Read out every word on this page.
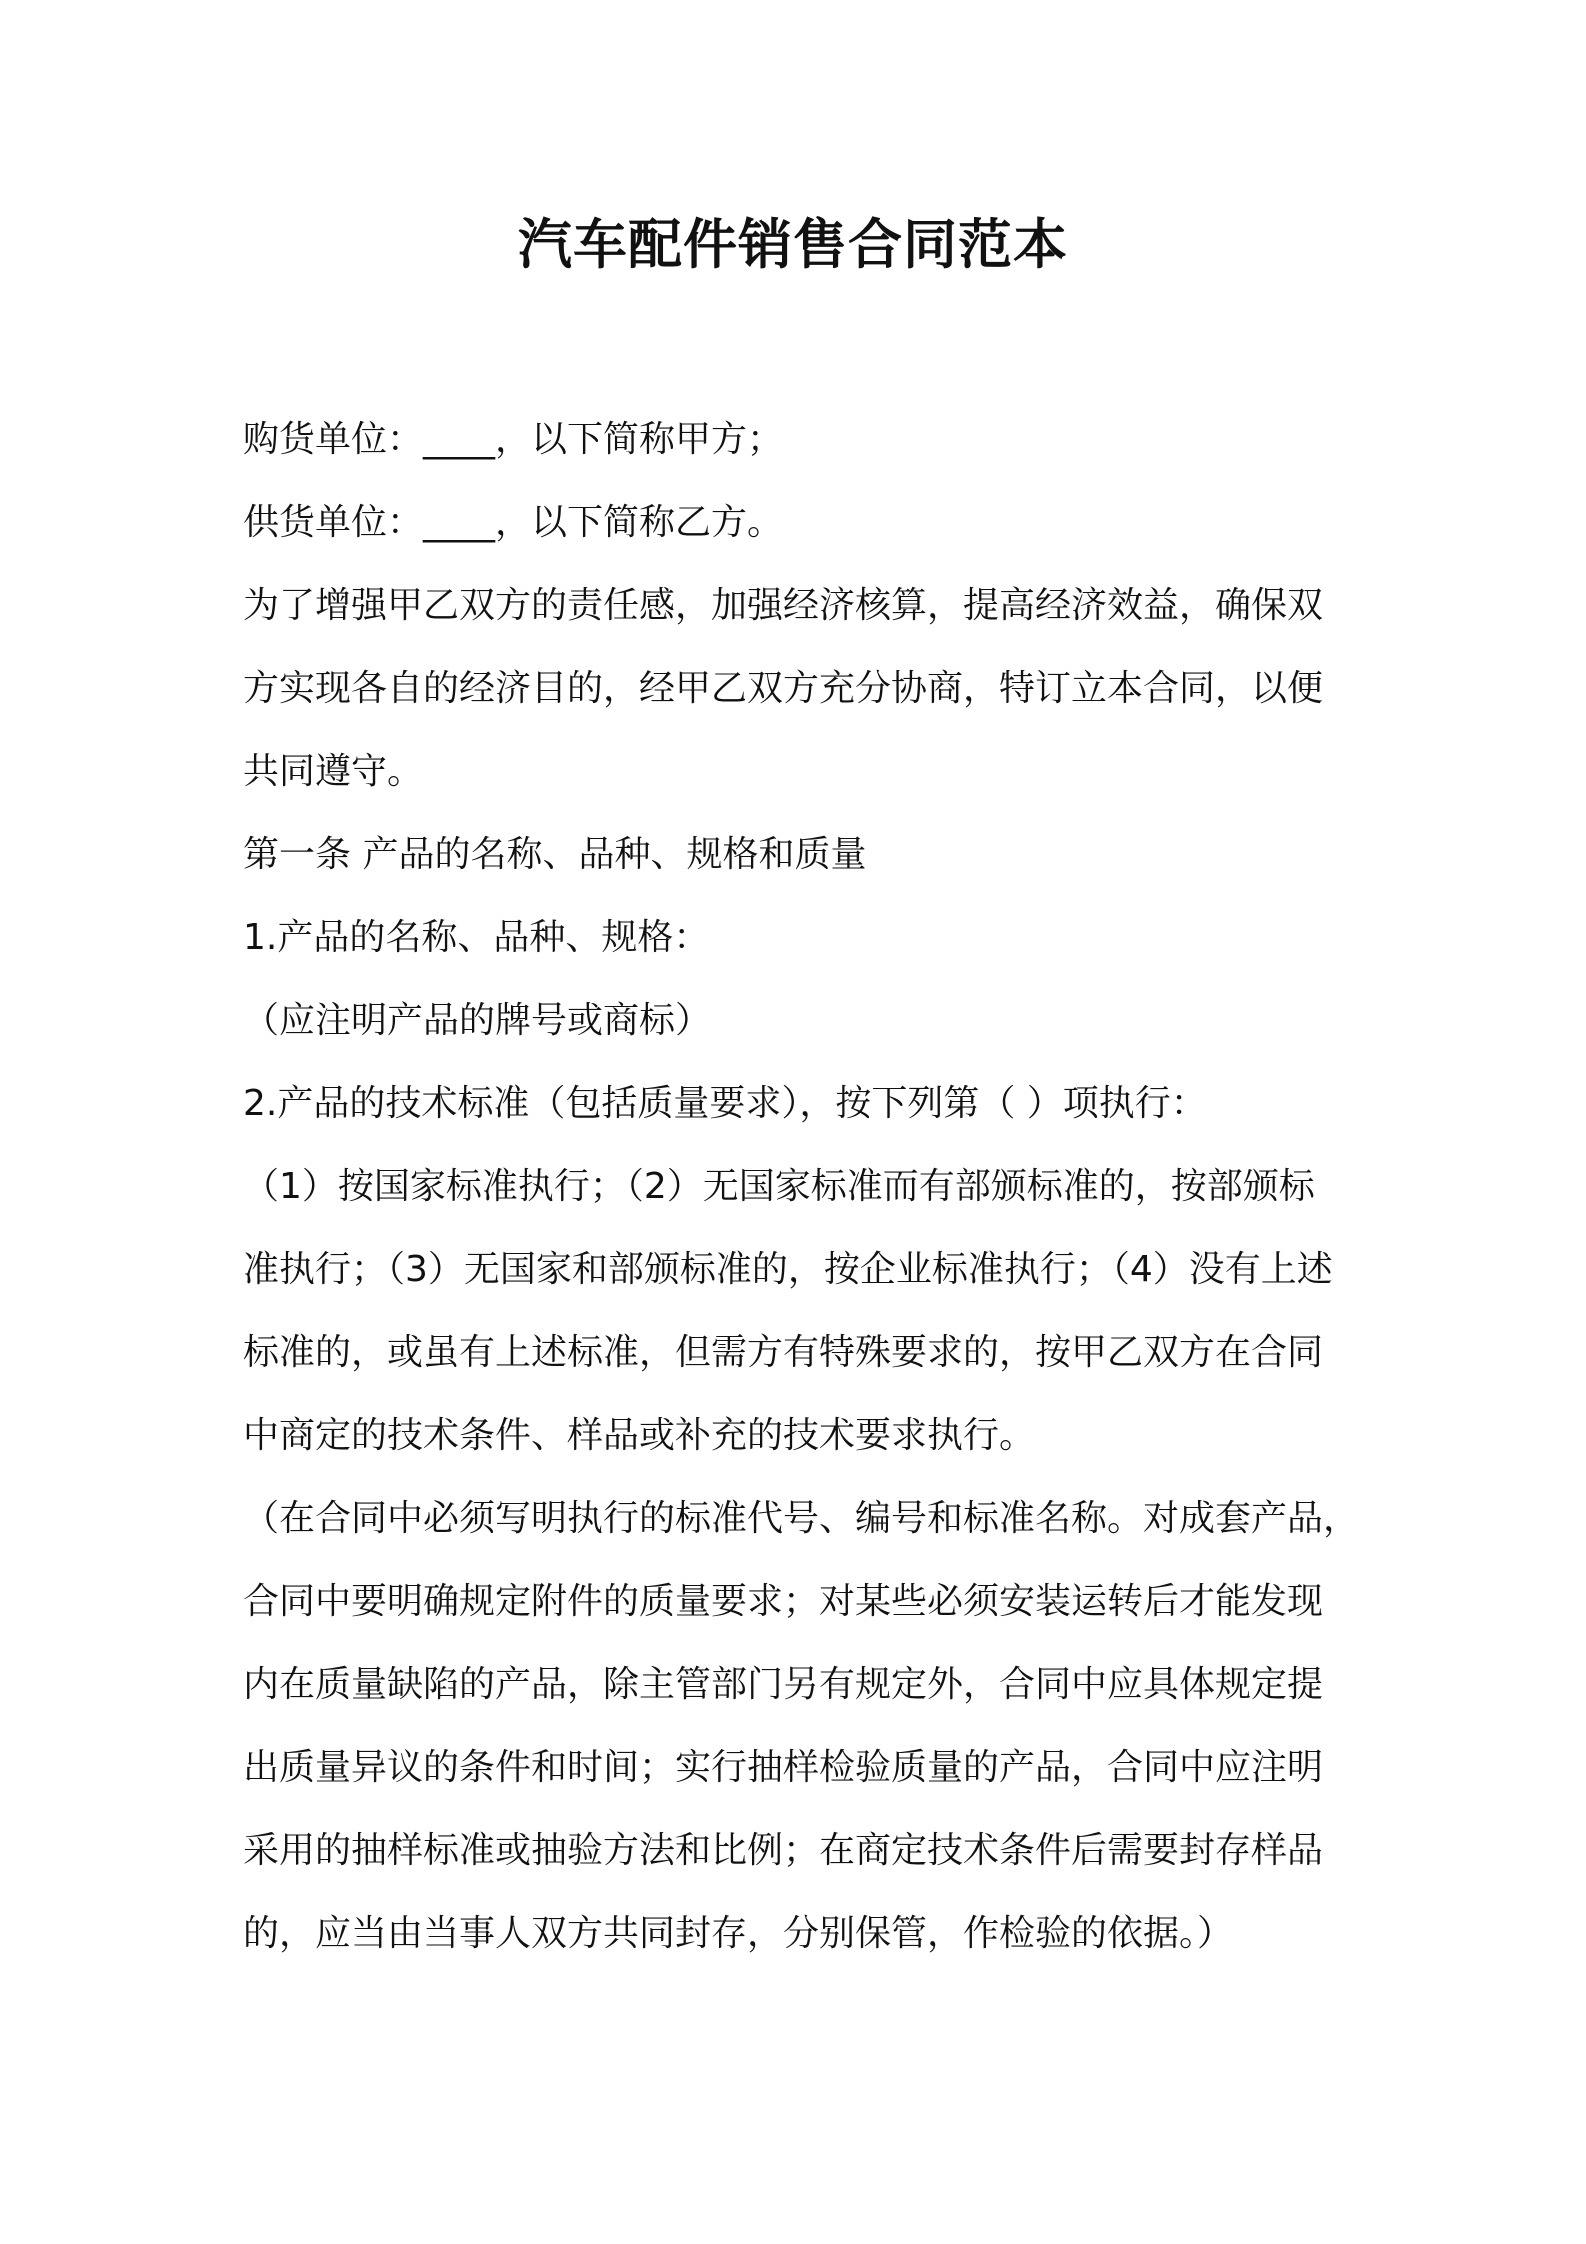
汽车配件销售合同范本
购货单位：____，以下简称甲方；
供货单位：____，以下简称乙方。
为了增强甲乙双方的责任感，加强经济核算，提高经济效益，确保双
方实现各自的经济目的，经甲乙双方充分协商，特订立本合同，以便
共同遵守。
第一条 产品的名称、品种、规格和质量
1.产品的名称、品种、规格：
（应注明产品的牌号或商标）
2.产品的技术标准（包括质量要求），按下列第（ ）项执行：
（1）按国家标准执行；（2）无国家标准而有部颁标准的，按部颁标
准执行；（3）无国家和部颁标准的，按企业标准执行；（4）没有上述
标准的，或虽有上述标准，但需方有特殊要求的，按甲乙双方在合同
中商定的技术条件、样品或补充的技术要求执行。
（在合同中必须写明执行的标准代号、编号和标准名称。对成套产品，
合同中要明确规定附件的质量要求；对某些必须安装运转后才能发现
内在质量缺陷的产品，除主管部门另有规定外，合同中应具体规定提
出质量异议的条件和时间；实行抽样检验质量的产品，合同中应注明
采用的抽样标准或抽验方法和比例；在商定技术条件后需要封存样品
的，应当由当事人双方共同封存，分别保管，作检验的依据。）
